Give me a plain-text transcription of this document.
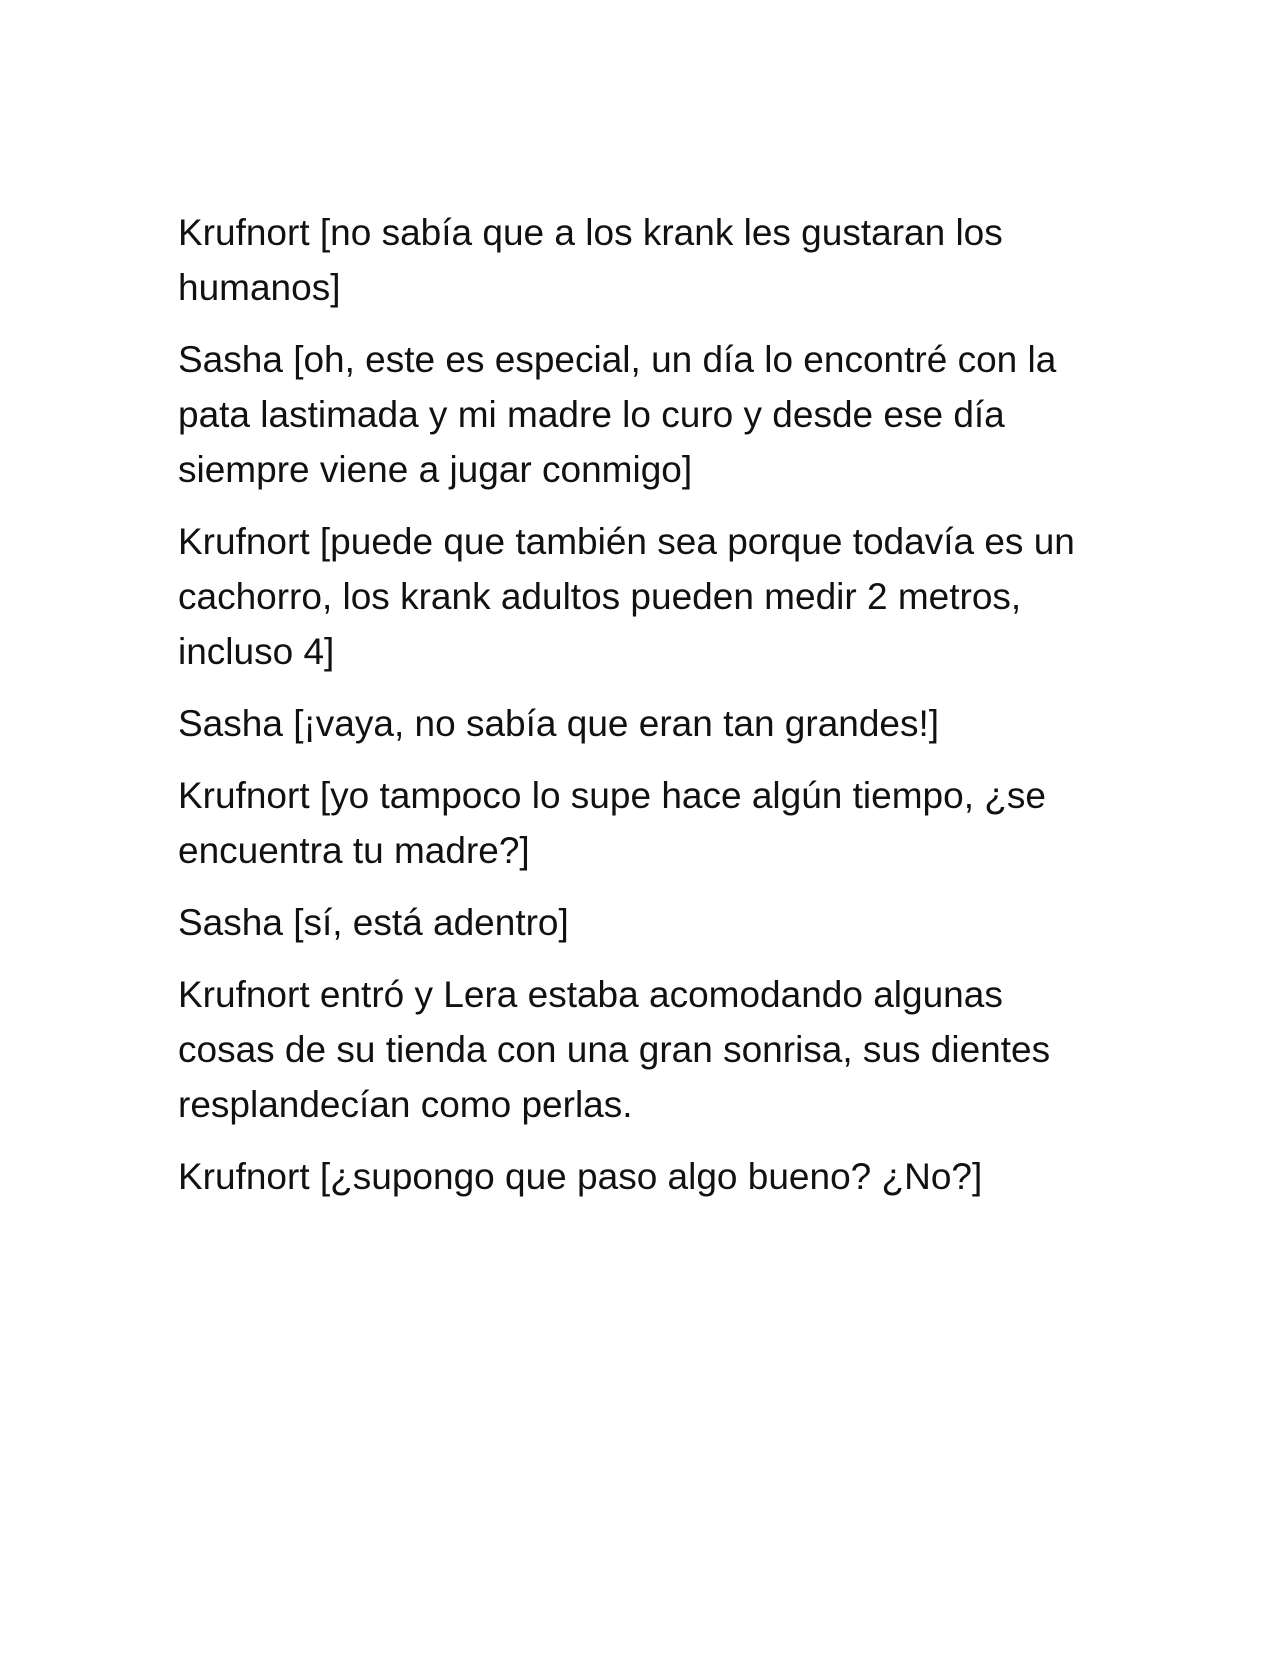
Krufnort [no sabía que a los krank les gustaran los humanos]

Sasha [oh, este es especial, un día lo encontré con la pata lastimada y mi madre lo curo y desde ese día siempre viene a jugar conmigo]

Krufnort [puede que también sea porque todavía es un cachorro, los krank adultos pueden medir 2 metros, incluso 4]

Sasha [¡vaya, no sabía que eran tan grandes!]

Krufnort [yo tampoco lo supe hace algún tiempo, ¿se encuentra tu madre?]

Sasha [sí, está adentro]

Krufnort entró y Lera estaba acomodando algunas cosas de su tienda con una gran sonrisa, sus dientes resplandecían como perlas.

Krufnort [¿supongo que paso algo bueno? ¿No?]
